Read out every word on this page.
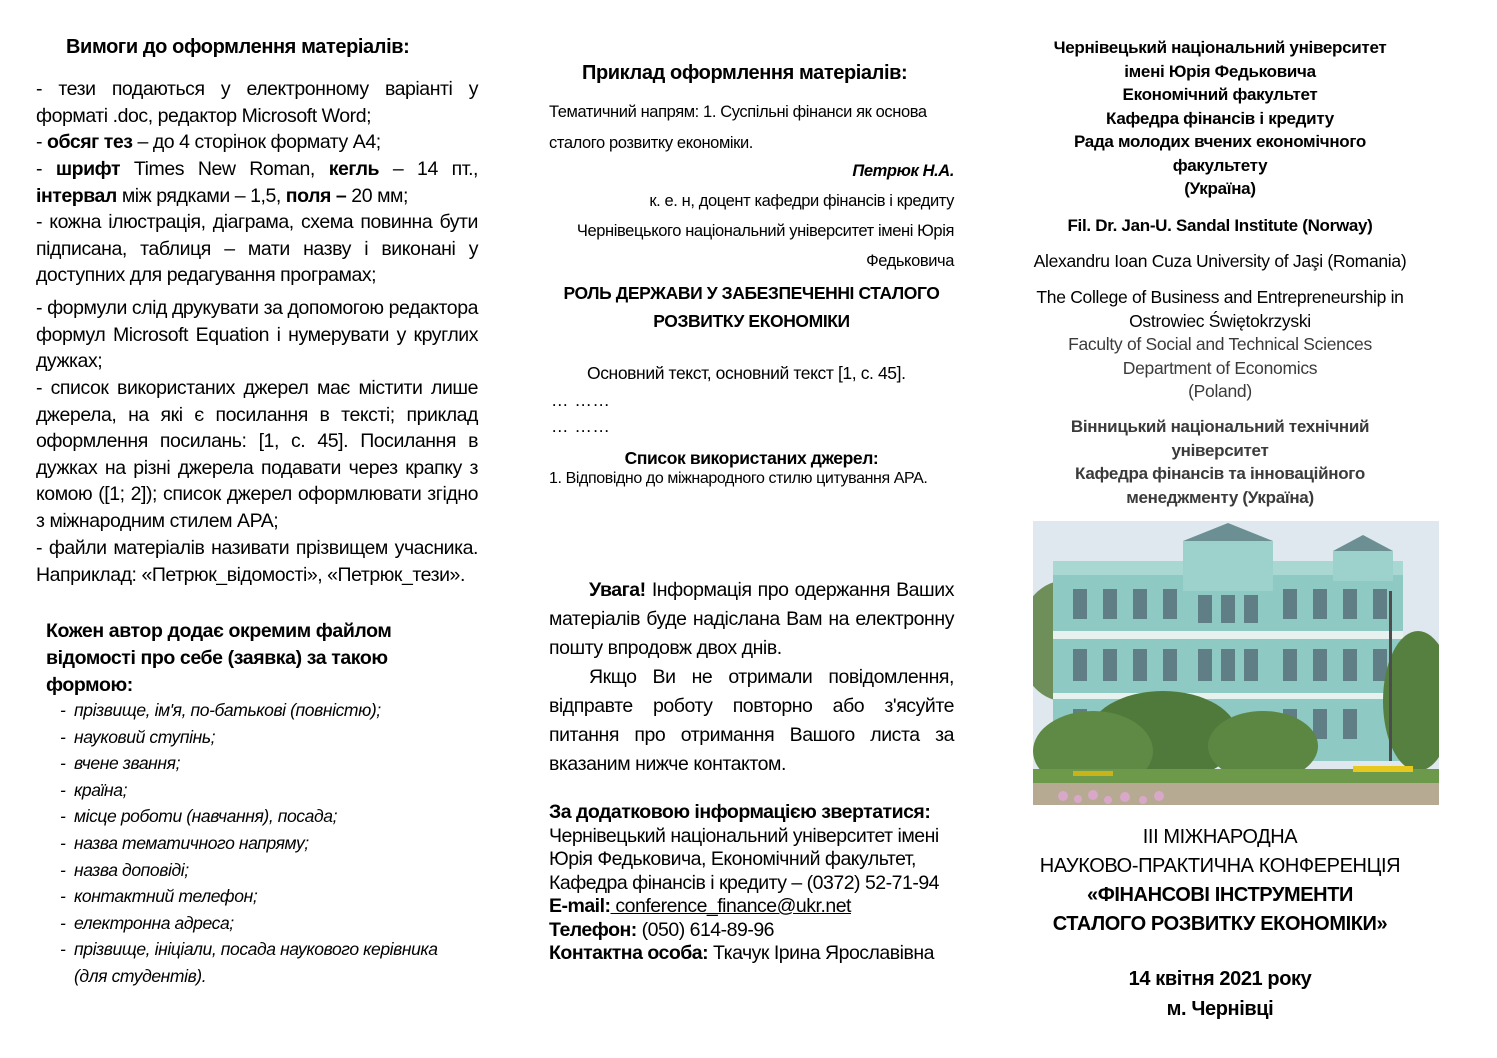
Вимоги до оформлення матеріалів:
- тези подаються у електронному варіанті у форматі .doc, редактор Microsoft Word;
- обсяг тез – до 4 сторінок формату А4;
- шрифт Times New Roman, кегль – 14 пт., інтервал між рядками – 1,5, поля – 20 мм;
- кожна ілюстрація, діаграма, схема повинна бути підписана, таблиця – мати назву і виконані у доступних для редагування програмах;
- формули слід друкувати за допомогою редактора формул Microsoft Equation і нумерувати у круглих дужках;
- список використаних джерел має містити лише джерела, на які є посилання в тексті; приклад оформлення посилань: [1, с. 45]. Посилання в дужках на різні джерела подавати через крапку з комою ([1; 2]); список джерел оформлювати згідно з міжнародним стилем APA;
- файли матеріалів називати прізвищем учасника. Наприклад: «Петрюк_відомості», «Петрюк_тези».
Кожен автор додає окремим файлом відомості про себе (заявка) за такою формою:
- прізвище, ім'я, по-батькові (повністю);
- науковий ступінь;
- вчене звання;
- країна;
- місце роботи (навчання), посада;
- назва тематичного напряму;
- назва доповіді;
- контактний телефон;
- електронна адреса;
- прізвище, ініціали, посада наукового керівника (для студентів).
Приклад оформлення матеріалів:
Тематичний напрям: 1. Суспільні фінанси як основа сталого розвитку економіки.
Петрюк Н.А.
к. е. н, доцент кафедри фінансів і кредиту
Чернівецького національний університет імені Юрія Федьковича
РОЛЬ ДЕРЖАВИ У ЗАБЕЗПЕЧЕННІ СТАЛОГО РОЗВИТКУ ЕКОНОМІКИ
Основний текст, основний текст [1, с. 45].
… ……
… ……
Список використаних джерел:
1. Відповідно до міжнародного стилю цитування APA.

Увага! Інформація про одержання Ваших матеріалів буде надіслана Вам на електронну пошту впродовж двох днів.

Якщо Ви не отримали повідомлення, відправте роботу повторно або з'ясуйте питання про отримання Вашого листа за вказаним нижче контактом.

За додатковою інформацією звертатися:
Чернівецький національний університет імені Юрія Федьковича, Економічний факультет, Кафедра фінансів і кредиту – (0372) 52-71-94
E-mail: conference_finance@ukr.net
Телефон: (050) 614-89-96
Контактна особа: Ткачук Ірина Ярославівна
Чернівецький національний університет
імені Юрія Федьковича
Економічний факультет
Кафедра фінансів і кредиту
Рада молодих вчених економічного
факультету
(Україна)
Fil. Dr. Jan-U. Sandal Institute (Norway)
Alexandru Ioan Cuza University of Jaşi (Romania)
The College of Business and Entrepreneurship in
Ostrowiec Świętokrzyski
Faculty of Social and Technical Sciences
Department of Economics
(Poland)
Вінницький національний технічний
університет
Кафедра фінансів та інноваційного
менеджменту (Україна)
III МІЖНАРОДНА
НАУКОВО-ПРАКТИЧНА КОНФЕРЕНЦІЯ
«ФІНАНСОВІ ІНСТРУМЕНТИ
СТАЛОГО РОЗВИТКУ ЕКОНОМІКИ»
14 квітня 2021 року
м. Чернівці
